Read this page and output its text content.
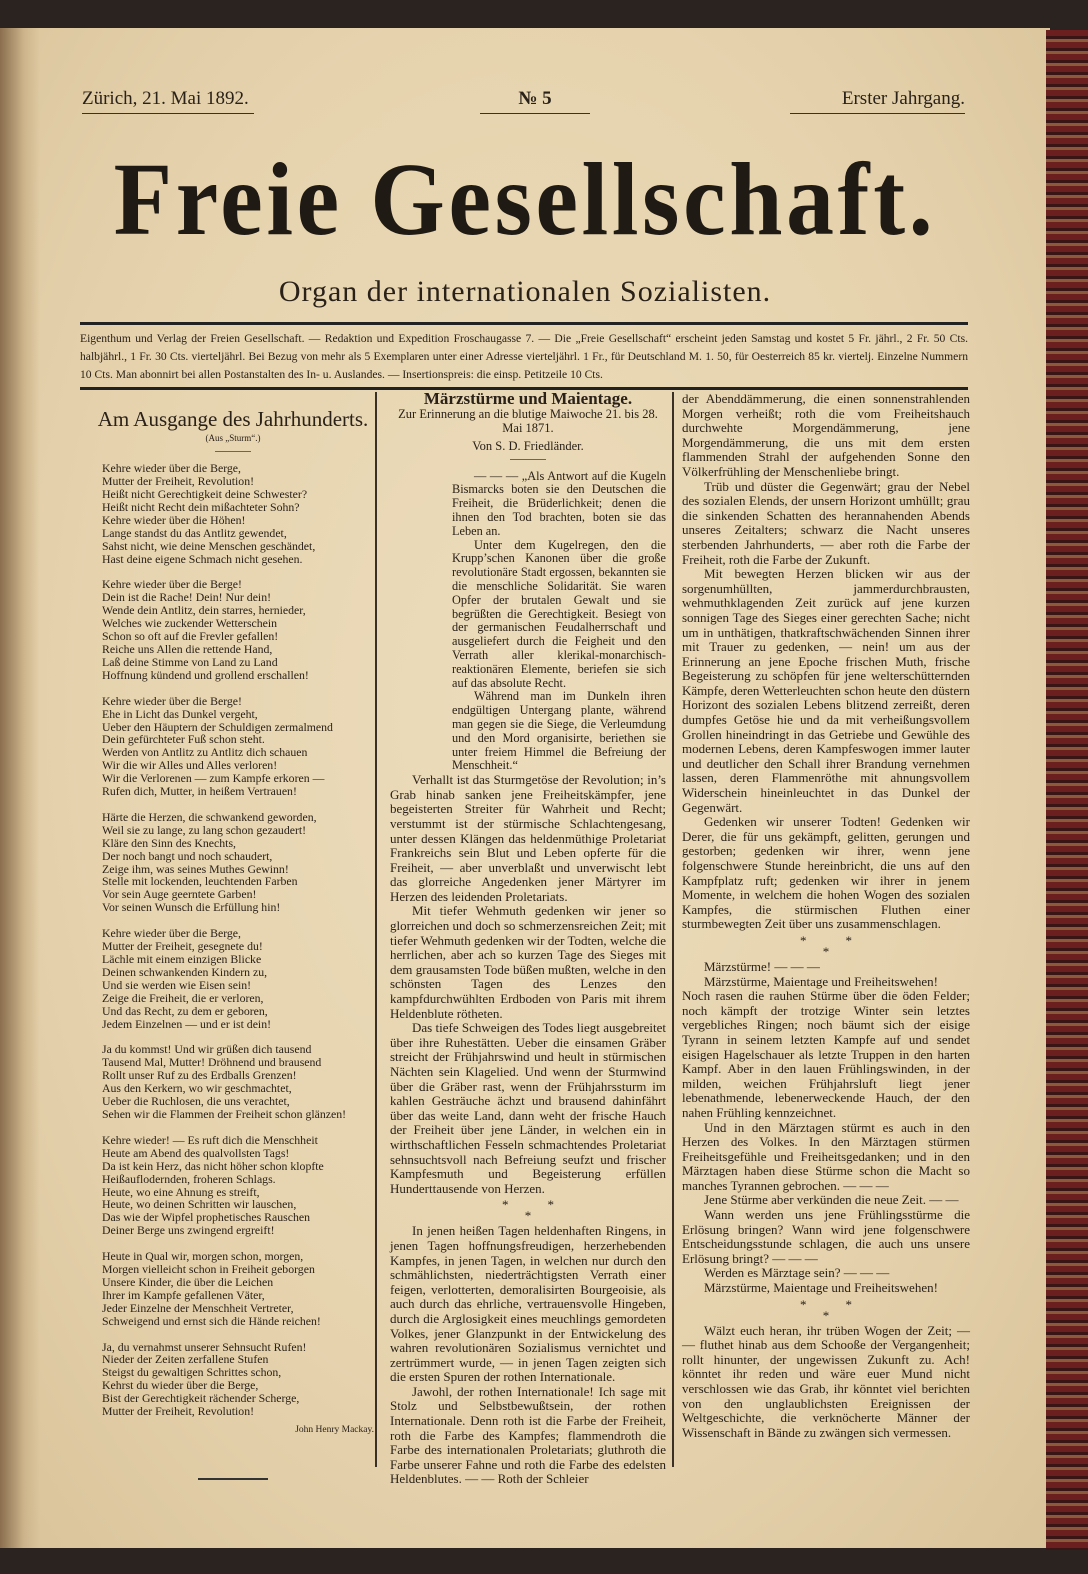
Zürich, 21. Mai 1892.	№ 5	Erster Jahrgang.
Freie Gesellschaft.
Organ der internationalen Sozialisten.
Eigenthum und Verlag der Freien Gesellschaft. — Redaktion und Expedition Froschaugasse 7. — Die „Freie Gesellschaft“ erscheint jeden Samstag und kostet 5 Fr. jährl., 2 Fr. 50 Cts. halbjährl., 1 Fr. 30 Cts. vierteljährl. Bei Bezug von mehr als 5 Exemplaren unter einer Adresse vierteljährl. 1 Fr., für Deutschland M. 1. 50, für Oesterreich 85 kr. viertelj. Einzelne Nummern 10 Cts. Man abonnirt bei allen Postanstalten des In- u. Auslandes. — Insertionspreis: die einsp. Petitzeile 10 Cts.
Am Ausgange des Jahrhunderts.
(Aus „Sturm“.)
Kehre wieder über die Berge,
Mutter der Freiheit, Revolution!
Heißt nicht Gerechtigkeit deine Schwester?
Heißt nicht Recht dein mißachteter Sohn?
Kehre wieder über die Höhen!
Lange standst du das Antlitz gewendet,
Sahst nicht, wie deine Menschen geschändet,
Hast deine eigene Schmach nicht gesehen.
Kehre wieder über die Berge!
Dein ist die Rache! Dein! Nur dein!
Wende dein Antlitz, dein starres, hernieder,
Welches wie zuckender Wetterschein
Schon so oft auf die Frevler gefallen!
Reiche uns Allen die rettende Hand,
Laß deine Stimme von Land zu Land
Hoffnung kündend und grollend erschallen!
Kehre wieder über die Berge!
Ehe in Licht das Dunkel vergeht,
Ueber den Häuptern der Schuldigen zermalmend
Dein gefürchteter Fuß schon steht.
Werden von Antlitz zu Antlitz dich schauen
Wir die wir Alles und Alles verloren!
Wir die Verlorenen — zum Kampfe erkoren —
Rufen dich, Mutter, in heißem Vertrauen!
Härte die Herzen, die schwankend geworden,
Weil sie zu lange, zu lang schon gezaudert!
Kläre den Sinn des Knechts,
Der noch bangt und noch schaudert,
Zeige ihm, was seines Muthes Gewinn!
Stelle mit lockenden, leuchtenden Farben
Vor sein Auge geerntete Garben!
Vor seinen Wunsch die Erfüllung hin!
Kehre wieder über die Berge,
Mutter der Freiheit, gesegnete du!
Lächle mit einem einzigen Blicke
Deinen schwankenden Kindern zu,
Und sie werden wie Eisen sein!
Zeige die Freiheit, die er verloren,
Und das Recht, zu dem er geboren,
Jedem Einzelnen — und er ist dein!
Ja du kommst! Und wir grüßen dich tausend
Tausend Mal, Mutter! Dröhnend und brausend
Rollt unser Ruf zu des Erdballs Grenzen!
Aus den Kerkern, wo wir geschmachtet,
Ueber die Ruchlosen, die uns verachtet,
Sehen wir die Flammen der Freiheit schon glänzen!
Kehre wieder! — Es ruft dich die Menschheit
Heute am Abend des qualvollsten Tags!
Da ist kein Herz, das nicht höher schon klopfte
Heißauflodernden, froheren Schlags.
Heute, wo eine Ahnung es streift,
Heute, wo deinen Schritten wir lauschen,
Das wie der Wipfel prophetisches Rauschen
Deiner Berge uns zwingend ergreift!
Heute in Qual wir, morgen schon, morgen,
Morgen vielleicht schon in Freiheit geborgen
Unsere Kinder, die über die Leichen
Ihrer im Kampfe gefallenen Väter,
Jeder Einzelne der Menschheit Vertreter,
Schweigend und ernst sich die Hände reichen!
Ja, du vernahmst unserer Sehnsucht Rufen!
Nieder der Zeiten zerfallene Stufen
Steigst du gewaltigen Schrittes schon,
Kehrst du wieder über die Berge,
Bist der Gerechtigkeit rächender Scherge,
Mutter der Freiheit, Revolution!
John Henry Mackay.
Märzstürme und Maientage.
Zur Erinnerung an die blutige Maiwoche 21. bis 28. Mai 1871.
Von S. D. Friedländer.

— — — „Als Antwort auf die Kugeln Bismarcks boten sie den Deutschen die Freiheit, die Brüderlichkeit; denen die ihnen den Tod brachten, boten sie das Leben an.

Unter dem Kugelregen, den die Krupp’schen Kanonen über die große revolutionäre Stadt ergossen, bekannten sie die menschliche Solidarität. Sie waren Opfer der brutalen Gewalt und sie begrüßten die Gerechtigkeit. Besiegt von der germanischen Feudalherrschaft und ausgeliefert durch die Feigheit und den Verrath aller klerikal-monarchisch-reaktionären Elemente, beriefen sie sich auf das absolute Recht.

Während man im Dunkeln ihren endgültigen Untergang plante, während man gegen sie die Siege, die Verleumdung und den Mord organisirte, beriethen sie unter freiem Himmel die Befreiung der Menschheit.“

Verhallt ist das Sturmgetöse der Revolution; in’s Grab hinab sanken jene Freiheitskämpfer, jene begeisterten Streiter für Wahrheit und Recht; verstummt ist der stürmische Schlachtengesang, unter dessen Klängen das heldenmüthige Proletariat Frankreichs sein Blut und Leben opferte für die Freiheit, — aber unverblaßt und unverwischt lebt das glorreiche Angedenken jener Märtyrer im Herzen des leidenden Proletariats.

Mit tiefer Wehmuth gedenken wir jener so glorreichen und doch so schmerzensreichen Zeit; mit tiefer Wehmuth gedenken wir der Todten, welche die herrlichen, aber ach so kurzen Tage des Sieges mit dem grausamsten Tode büßen mußten, welche in den schönsten Tagen des Lenzes den kampfdurchwühlten Erdboden von Paris mit ihrem Heldenblute rötheten.

Das tiefe Schweigen des Todes liegt ausgebreitet über ihre Ruhestätten. Ueber die einsamen Gräber streicht der Frühjahrswind und heult in stürmischen Nächten sein Klagelied. Und wenn der Sturmwind über die Gräber rast, wenn der Frühjahrssturm im kahlen Gesträuche ächzt und brausend dahinfährt über das weite Land, dann weht der frische Hauch der Freiheit über jene Länder, in welchen ein in wirthschaftlichen Fesseln schmachtendes Proletariat sehnsuchtsvoll nach Befreiung seufzt und frischer Kampfesmuth und Begeisterung erfüllen Hunderttausende von Herzen.

*            *
*

In jenen heißen Tagen heldenhaften Ringens, in jenen Tagen hoffnungsfreudigen, herzerhebenden Kampfes, in jenen Tagen, in welchen nur durch den schmählichsten, niederträchtigsten Verrath einer feigen, verlotterten, demoralisirten Bourgeoisie, als auch durch das ehrliche, vertrauensvolle Hingeben, durch die Arglosigkeit eines meuchlings gemordeten Volkes, jener Glanzpunkt in der Entwickelung des wahren revolutionären Sozialismus vernichtet und zertrümmert wurde, — in jenen Tagen zeigten sich die ersten Spuren der rothen Internationale.

Jawohl, der rothen Internationale! Ich sage mit Stolz und Selbstbewußtsein, der rothen Internationale. Denn roth ist die Farbe der Freiheit, roth die Farbe des Kampfes; flammendroth die Farbe des internationalen Proletariats; gluthroth die Farbe unserer Fahne und roth die Farbe des edelsten Heldenblutes. — — Roth der Schleier

der Abenddämmerung, die einen sonnenstrahlenden Morgen verheißt; roth die vom Freiheitshauch durchwehte Morgendämmerung, jene Morgendämmerung, die uns mit dem ersten flammenden Strahl der aufgehenden Sonne den Völkerfrühling der Menschenliebe bringt.

Trüb und düster die Gegenwärt; grau der Nebel des sozialen Elends, der unsern Horizont umhüllt; grau die sinkenden Schatten des herannahenden Abends unseres Zeitalters; schwarz die Nacht unseres sterbenden Jahrhunderts, — aber roth die Farbe der Freiheit, roth die Farbe der Zukunft.

Mit bewegten Herzen blicken wir aus der sorgenumhüllten, jammerdurchbrausten, wehmuthklagenden Zeit zurück auf jene kurzen sonnigen Tage des Sieges einer gerechten Sache; nicht um in unthätigen, thatkraftschwächenden Sinnen ihrer mit Trauer zu gedenken, — nein! um aus der Erinnerung an jene Epoche frischen Muth, frische Begeisterung zu schöpfen für jene welterschütternden Kämpfe, deren Wetterleuchten schon heute den düstern Horizont des sozialen Lebens blitzend zerreißt, deren dumpfes Getöse hie und da mit verheißungsvollem Grollen hineindringt in das Getriebe und Gewühle des modernen Lebens, deren Kampfeswogen immer lauter und deutlicher den Schall ihrer Brandung vernehmen lassen, deren Flammenröthe mit ahnungsvollem Widerschein hineinleuchtet in das Dunkel der Gegenwärt.

Gedenken wir unserer Todten! Gedenken wir Derer, die für uns gekämpft, gelitten, gerungen und gestorben; gedenken wir ihrer, wenn jene folgenschwere Stunde hereinbricht, die uns auf den Kampfplatz ruft; gedenken wir ihrer in jenem Momente, in welchem die hohen Wogen des sozialen Kampfes, die stürmischen Fluthen einer sturmbewegten Zeit über uns zusammenschlagen.

*            *
*

Märzstürme! — — —

Märzstürme, Maientage und Freiheitswehen!

Noch rasen die rauhen Stürme über die öden Felder; noch kämpft der trotzige Winter sein letztes vergebliches Ringen; noch bäumt sich der eisige Tyrann in seinem letzten Kampfe auf und sendet eisigen Hagelschauer als letzte Truppen in den harten Kampf. Aber in den lauen Frühlingswinden, in der milden, weichen Frühjahrsluft liegt jener lebenathmende, lebenerweckende Hauch, der den nahen Frühling kennzeichnet.

Und in den Märztagen stürmt es auch in den Herzen des Volkes. In den Märztagen stürmen Freiheitsgefühle und Freiheitsgedanken; und in den Märztagen haben diese Stürme schon die Macht so manches Tyrannen gebrochen. — — —

Jene Stürme aber verkünden die neue Zeit. — —

Wann werden uns jene Frühlingsstürme die Erlösung bringen? Wann wird jene folgenschwere Entscheidungsstunde schlagen, die auch uns unsere Erlösung bringt? — — —

Werden es Märztage sein? — — —

Märzstürme, Maientage und Freiheitswehen!

*            *
*

Wälzt euch heran, ihr trüben Wogen der Zeit; — — fluthet hinab aus dem Schooße der Vergangenheit; rollt hinunter, der ungewissen Zukunft zu. Ach! könntet ihr reden und wäre euer Mund nicht verschlossen wie das Grab, ihr könntet viel berichten von den unglaublichsten Ereignissen der Weltgeschichte, die verknöcherte Männer der Wissenschaft in Bände zu zwängen sich vermessen.
